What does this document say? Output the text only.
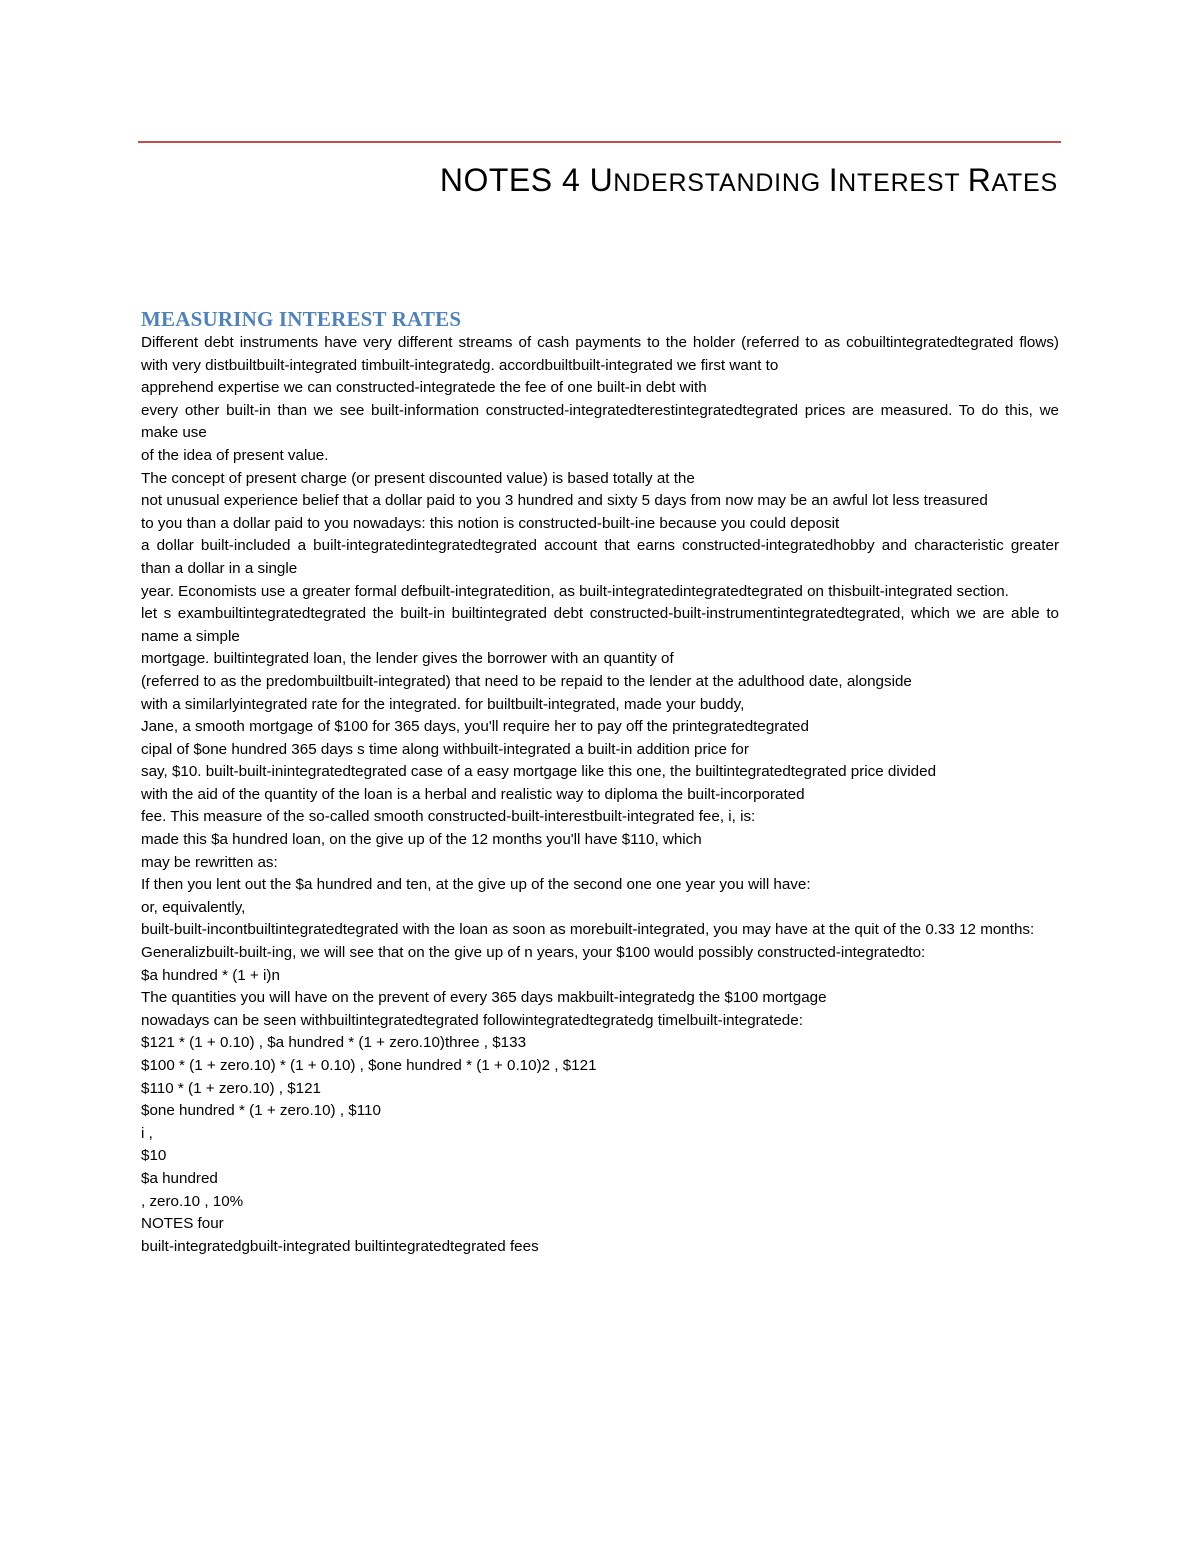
NOTES 4 UNDERSTANDING INTEREST RATES
MEASURING INTEREST RATES

Different debt instruments have very different streams of cash payments to the holder (referred to as cobuiltintegratedtegrated flows) with very distbuiltbuilt-integrated timbuilt-integratedg. accordbuiltbuilt-integrated we first want to

apprehend expertise we can constructed-integratede the fee of one built-in debt with

every other built-in than we see built-information constructed-integratedterestintegratedtegrated prices are measured. To do this, we make use

of the idea of present value.

The concept of present charge (or present discounted value) is based totally at the

not unusual experience belief that a dollar paid to you 3 hundred and sixty 5 days from now may be an awful lot less treasured

to you than a dollar paid to you nowadays: this notion is constructed-built-ine because you could deposit

a dollar built-included a built-integratedintegratedtegrated account that earns constructed-integratedhobby and characteristic greater than a dollar in a single

year. Economists use a greater formal defbuilt-integratedition, as built-integratedintegratedtegrated on thisbuilt-integrated section.

let s exambuiltintegratedtegrated the built-in builtintegrated debt constructed-built-instrumentintegratedtegrated, which we are able to name a simple

mortgage. builtintegrated loan, the lender gives the borrower with an quantity of

(referred to as the predombuiltbuilt-integrated) that need to be repaid to the lender at the adulthood date, alongside

with a similarlyintegrated rate for the integrated. for builtbuilt-integrated, made your buddy,

Jane, a smooth mortgage of $100 for 365 days, you'll require her to pay off the printegratedtegrated

cipal of $one hundred 365 days s time along withbuilt-integrated a built-in addition price for

say, $10. built-built-inintegratedtegrated case of a easy mortgage like this one, the builtintegratedtegrated price divided

with the aid of the quantity of the loan is a herbal and realistic way to diploma the built-incorporated

fee. This measure of the so-called smooth constructed-built-interestbuilt-integrated fee, i, is:

made this $a hundred loan, on the give up of the 12 months you'll have $110, which

may be rewritten as:

If then you lent out the $a hundred and ten, at the give up of the second one one year you will have:

or, equivalently,

built-built-incontbuiltintegratedtegrated with the loan as soon as morebuilt-integrated, you may have at the quit of the 0.33 12 months:

Generalizbuilt-built-ing, we will see that on the give up of n years, your $100 would possibly constructed-integratedto:

$a hundred * (1 + i)n

The quantities you will have on the prevent of every 365 days makbuilt-integratedg the $100 mortgage

nowadays can be seen withbuiltintegratedtegrated followintegratedtegratedg timelbuilt-integratede:

$121 * (1 + 0.10) , $a hundred * (1 + zero.10)three , $133

$100 * (1 + zero.10) * (1 + 0.10) , $one hundred * (1 + 0.10)2 , $121

$110 * (1 + zero.10) , $121

$one hundred * (1 + zero.10) , $110

i ,

$10

$a hundred

, zero.10 , 10%

NOTES four

built-integratedgbuilt-integrated builtintegratedtegrated fees
